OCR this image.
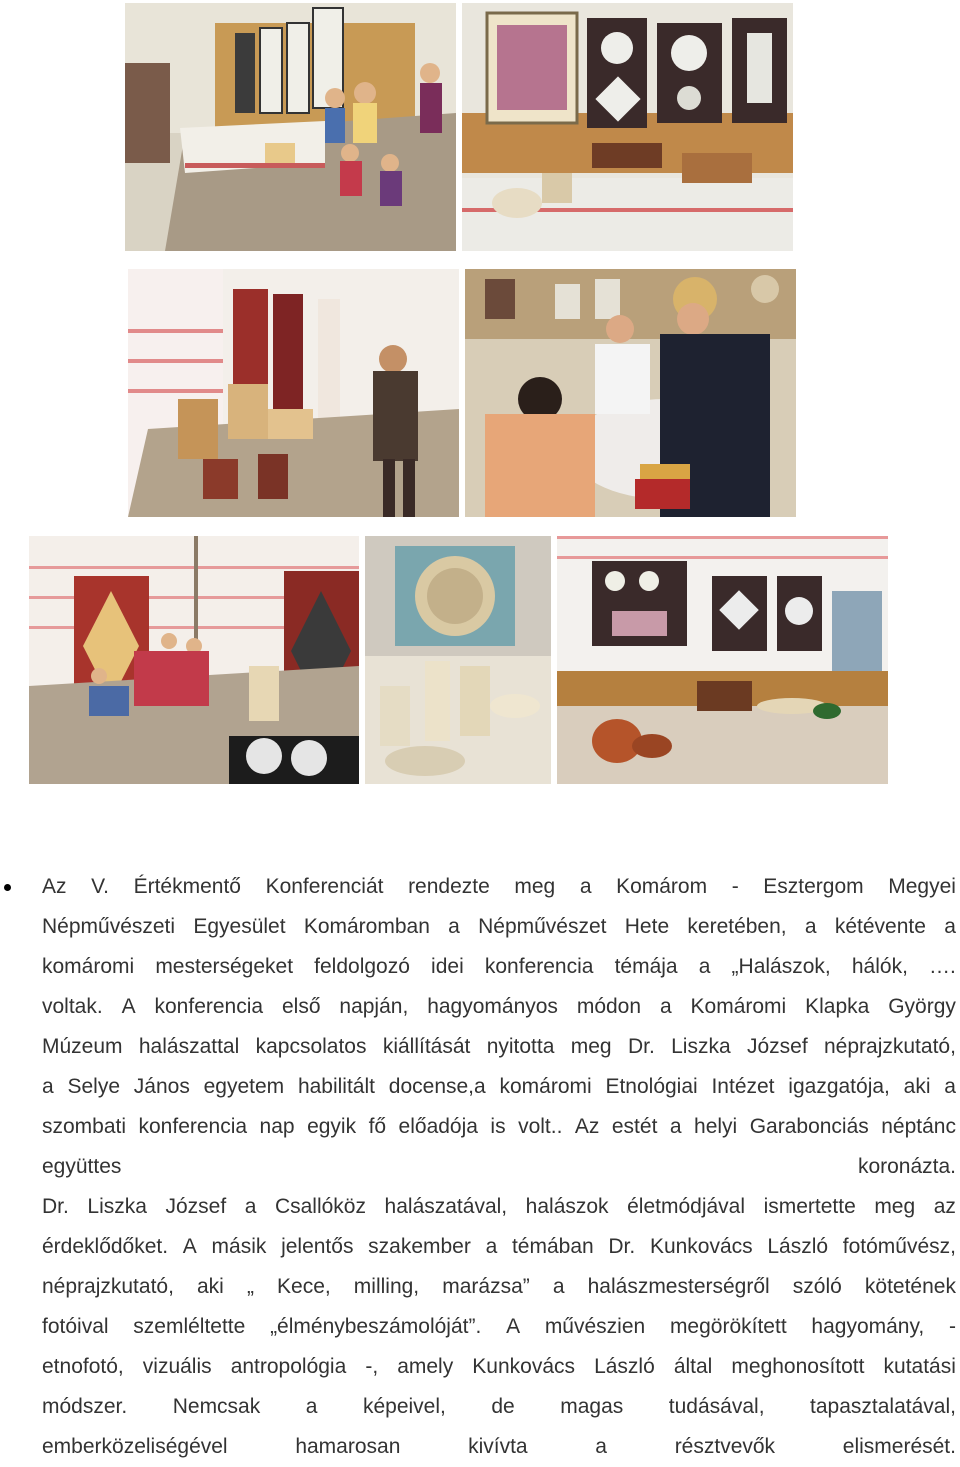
Az V. Értékmentő Konferenciát rendezte meg a Komárom - Esztergom Megyei
Népművészeti Egyesület Komáromban a Népművészet Hete keretében, a kétévente a
komáromi mesterségeket feldolgozó idei konferencia témája a „Halászok, hálók, ….
voltak. A konferencia első napján, hagyományos módon a Komáromi Klapka György
Múzeum halászattal kapcsolatos kiállítását nyitotta meg Dr. Liszka József néprajzkutató,
a Selye János egyetem habilitált docense,a komáromi Etnológiai Intézet igazgatója, aki a
szombati konferencia nap egyik fő előadója is volt.. Az estét a helyi Garabonciás néptánc
együttes	koronázta.
Dr. Liszka József a Csallóköz halászatával, halászok életmódjával ismertette meg az
érdeklődőket. A másik jelentős szakember a témában Dr. Kunkovács László fotóművész,
néprajzkutató, aki „ Kece, milling, marázsa” a halászmesterségről szóló kötetének
fotóival szemléltette „élménybeszámolóját”. A művészien megörökített hagyomány, -
etnofotó, vizuális antropológia -, amely Kunkovács László által meghonosított kutatási
módszer. Nemcsak a képeivel, de magas tudásával, tapasztalatával,
emberközeliségével	hamarosan	kivívta	a	résztvevők	elismerését.
